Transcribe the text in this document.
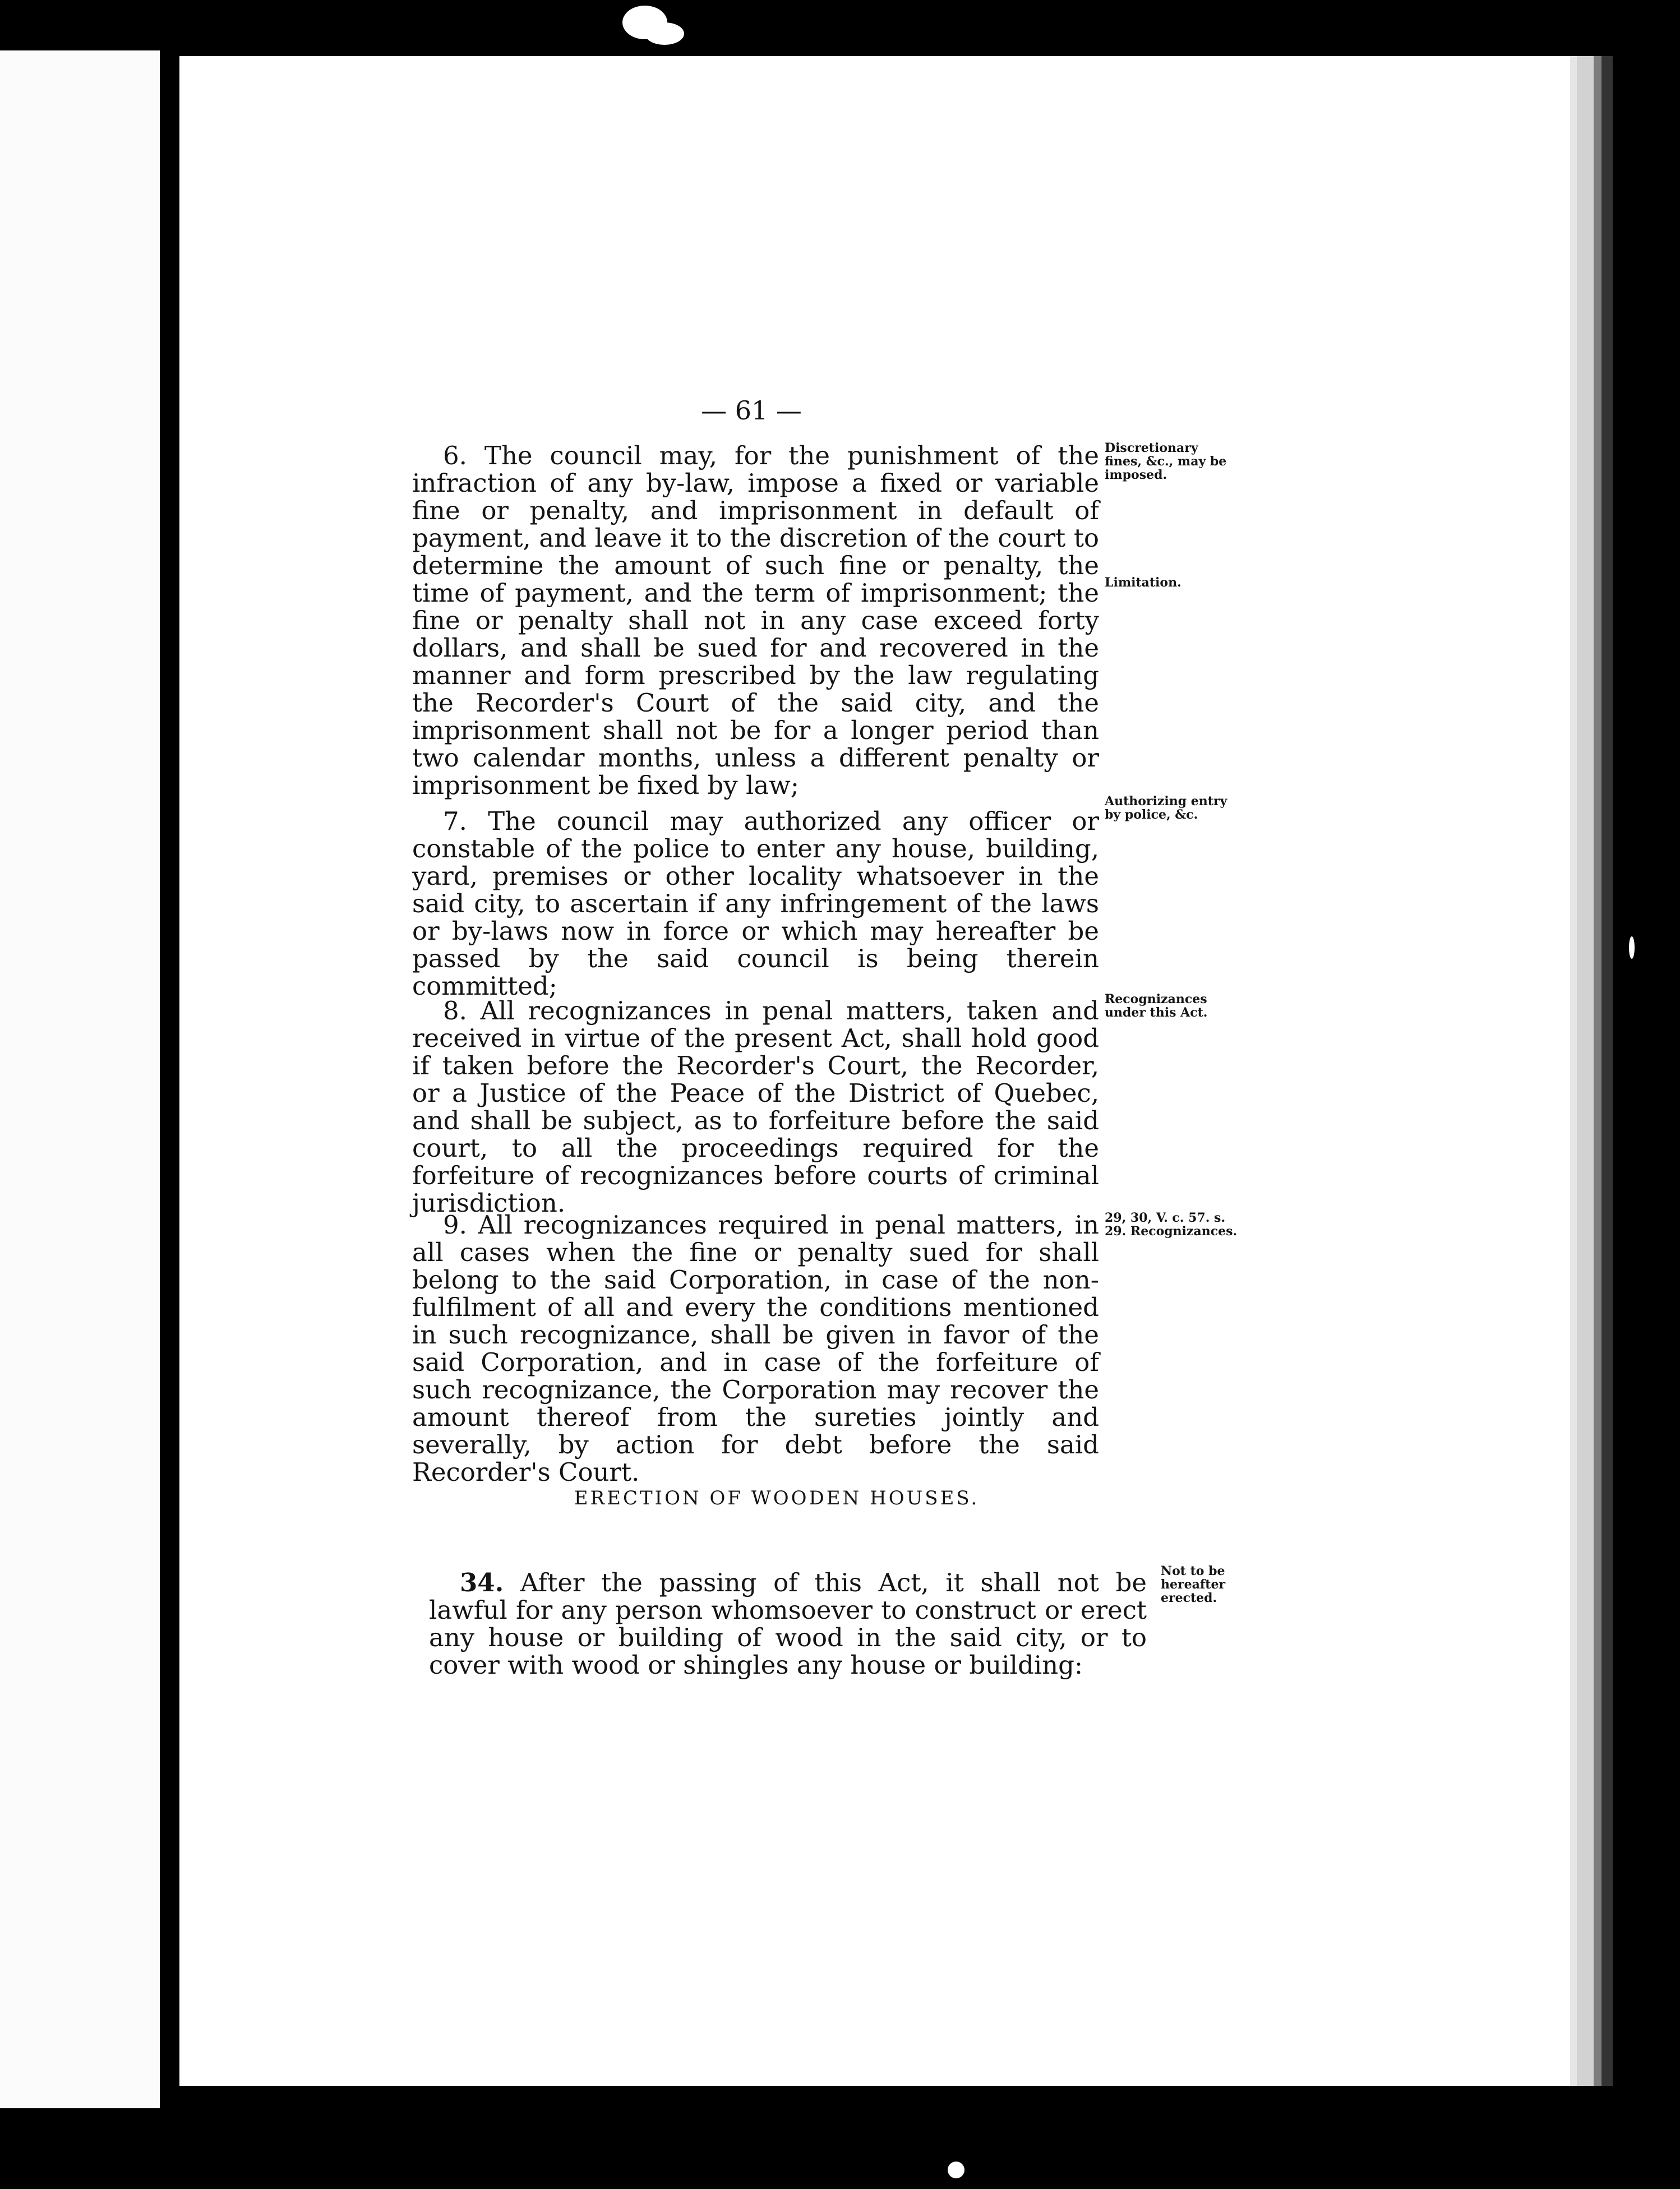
— 61 —

6. The council may, for the punishment of the infraction of any by-law, impose a fixed or variable fine or penalty, and imprisonment in default of payment, and leave it to the discretion of the court to determine the amount of such fine or penalty, the time of payment, and the term of imprisonment; the fine or penalty shall not in any case exceed forty dollars, and shall be sued for and recovered in the manner and form prescribed by the law regulating the Recorder's Court of the said city, and the imprisonment shall not be for a longer period than two calendar months, unless a different penalty or imprisonment be fixed by law;

Discretionary fines, &c., may be imposed.
Limitation.

7. The council may authorized any officer or constable of the police to enter any house, building, yard, premises or other locality whatsoever in the said city, to ascertain if any infringement of the laws or by-laws now in force or which may hereafter be passed by the said council is being therein committed;

Authorizing entry by police, &c.

8. All recognizances in penal matters, taken and received in virtue of the present Act, shall hold good if taken before the Recorder's Court, the Recorder, or a Justice of the Peace of the District of Quebec, and shall be subject, as to forfeiture before the said court, to all the proceedings required for the forfeiture of recognizances before courts of criminal jurisdiction.

Recognizances under this Act.

9. All recognizances required in penal matters, in all cases when the fine or penalty sued for shall belong to the said Corporation, in case of the non-fulfilment of all and every the conditions mentioned in such recognizance, shall be given in favor of the said Corporation, and in case of the forfeiture of such recognizance, the Corporation may recover the amount thereof from the sureties jointly and severally, by action for debt before the said Recorder's Court.

29, 30, V. c. 57. s. 29. Recognizances.
ERECTION OF WOODEN HOUSES.

34. After the passing of this Act, it shall not be lawful for any person whomsoever to construct or erect any house or building of wood in the said city, or to cover with wood or shingles any house or building:

Not to be hereafter erected.
